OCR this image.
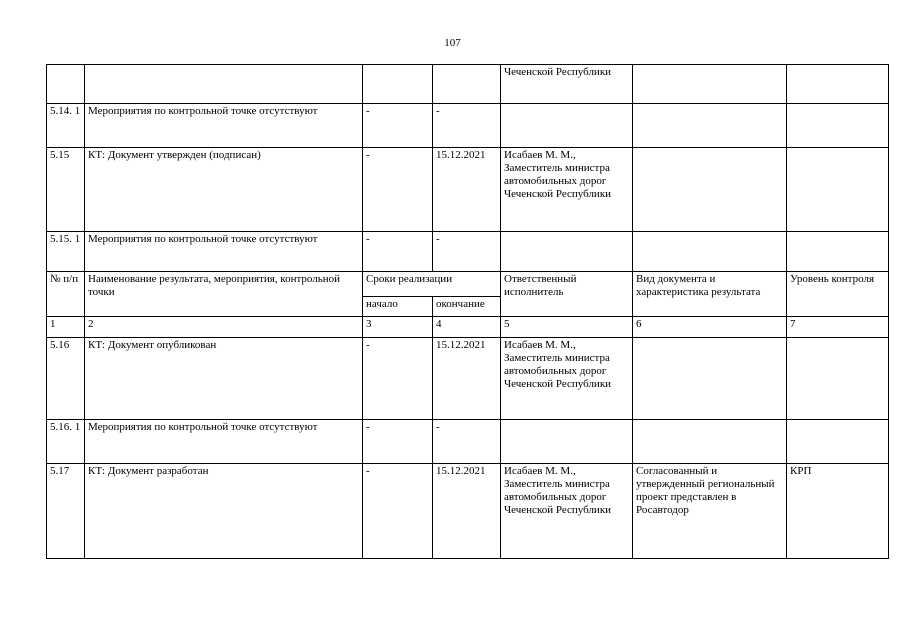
107
				Чеченской Республики		
5.14. 1	Мероприятия по контрольной точке отсутствуют	-	-			
5.15	КТ: Документ утвержден (подписан)	-	15.12.2021	Исабаев М. М., Заместитель министра автомобильных дорог Чеченской Республики		
5.15. 1	Мероприятия по контрольной точке отсутствуют	-	-			
№ п/п	Наименование результата, мероприятия, контрольной точки	Сроки реализации		Ответственный исполнитель	Вид документа и характеристика результата	Уровень контроля
		начало	окончание			
1	2	3	4	5	6	7
5.16	КТ: Документ опубликован	-	15.12.2021	Исабаев М. М., Заместитель министра автомобильных дорог Чеченской Республики		
5.16. 1	Мероприятия по контрольной точке отсутствуют	-	-			
5.17	КТ: Документ разработан	-	15.12.2021	Исабаев М. М., Заместитель министра автомобильных дорог Чеченской Республики	Согласованный и утвержденный региональный проект представлен в Росавтодор	КРП
